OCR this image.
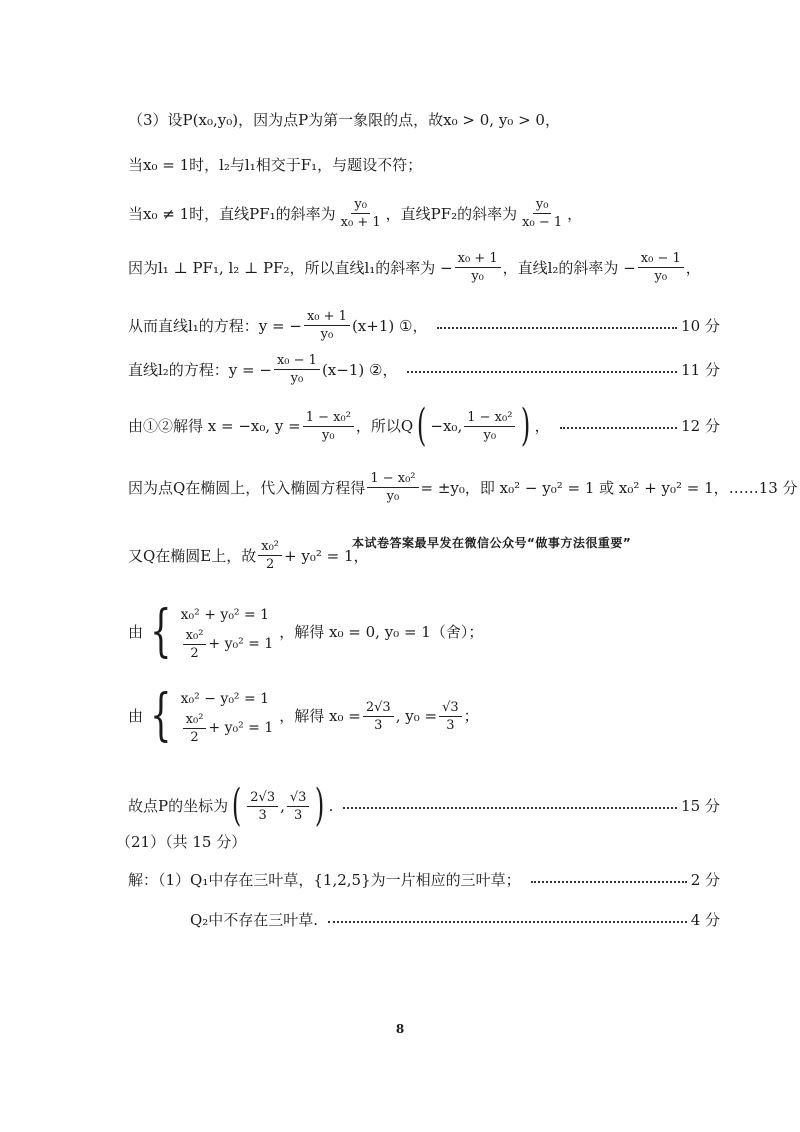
（3）设P(x₀,y₀)，因为点P为第一象限的点，故x₀ > 0, y₀ > 0，
当x₀ = 1时，l₂与l₁相交于F₁，与题设不符；
当x₀ ≠ 1时，直线PF₁的斜率为 $\frac{\text{y₀}}{\text{x₀ + 1}}$ ，直线PF₂的斜率为 $\frac{\text{y₀}}{\text{x₀ − 1}}$ ，
因为l₁ ⊥ PF₁, l₂ ⊥ PF₂，所以直线l₁的斜率为 − $\frac{\text{x₀ + 1}}{\text{y₀}}$ ，直线l₂的斜率为 − $\frac{\text{x₀ − 1}}{\text{y₀}}$ ，
从而直线l₁的方程：y = − $\frac{\text{x₀ + 1}}{\text{y₀}} (x+1)$ ①，	10 分
直线l₂的方程：y = − $\frac{\text{x₀ − 1}}{\text{y₀}} (x-1)$ ②，	11 分
由①②解得 x = −x₀, $y = \frac{\text{1 − x₀²}}{\text{y₀}}$ ，所以Q ( −x₀, $\frac{\text{1 − x₀²}}{\text{y₀}}$ ) ，	12 分
因为点Q在椭圆上，代入椭圆方程得 $\frac{\text{1 − x₀²}}{\text{y₀}} = \pm y_0$，即 x₀² − y₀² = 1 或 x₀² + y₀² = 1， ……13 分
又Q在椭圆E上，故 $\frac{\text{x₀²}}{2} + y_0^2 = 1$，
本试卷答案最早发在微信公众号“做事方法很重要”
由 { x₀² + y₀² = 1
$\frac{\text{x₀²}}{2} + y_0^2 = 1$
，解得 x₀ = 0, y₀ = 1（舍）；
由 { x₀² − y₀² = 1
$\frac{\text{x₀²}}{2} + y_0^2 = 1$
，解得 $x_0 = \frac{2√3}{3}$ , $y_0 = \frac{√3}{3}$ ；
故点P的坐标为 ( $\frac{2√3}{3}$ , $\frac{√3}{3}$ ) .	15 分
（21）（共 15 分）
解：（1）Q₁中存在三叶草，{1,2,5}为一片相应的三叶草；	2 分
Q₂中不存在三叶草.	4 分
8
